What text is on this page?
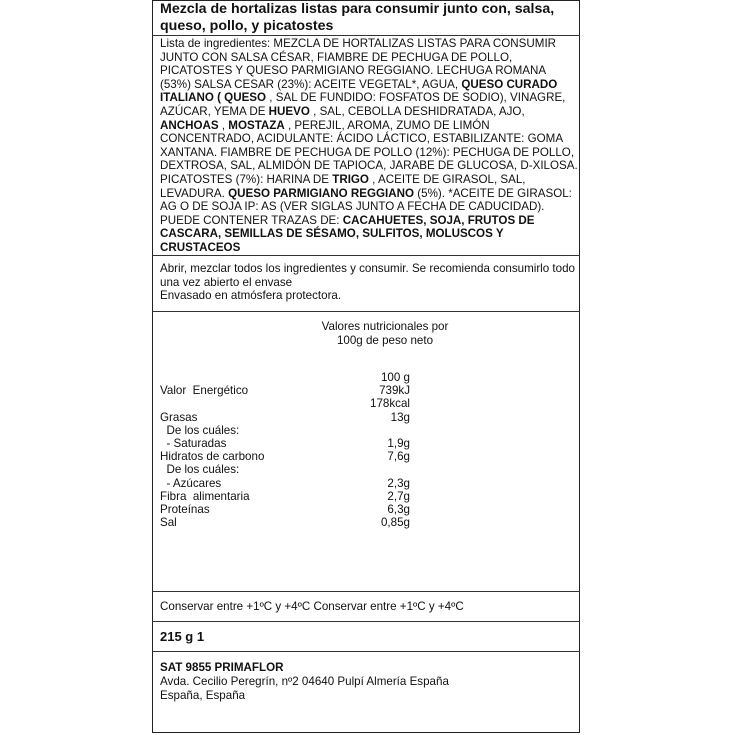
Mezcla de hortalizas listas para consumir junto con, salsa, queso, pollo, y picatostes
Lista de ingredientes: MEZCLA DE HORTALIZAS LISTAS PARA CONSUMIR JUNTO CON SALSA CÉSAR, FIAMBRE DE PECHUGA DE POLLO, PICATOSTES Y QUESO PARMIGIANO REGGIANO. LECHUGA ROMANA (53%) SALSA CESAR (23%): ACEITE VEGETAL*, AGUA, QUESO CURADO ITALIANO ( QUESO , SAL DE FUNDIDO: FOSFATOS DE SODIO), VINAGRE, AZÚCAR, YEMA DE HUEVO , SAL, CEBOLLA DESHIDRATADA, AJO, ANCHOAS , MOSTAZA , PEREJIL, AROMA, ZUMO DE LIMÓN CONCENTRADO, ACIDULANTE: ÁCIDO LÁCTICO, ESTABILIZANTE: GOMA XANTANA. FIAMBRE DE PECHUGA DE POLLO (12%): PECHUGA DE POLLO, DEXTROSA, SAL, ALMIDÓN DE TAPIOCA, JARABE DE GLUCOSA, D-XILOSA. PICATOSTES (7%): HARINA DE TRIGO , ACEITE DE GIRASOL, SAL, LEVADURA. QUESO PARMIGIANO REGGIANO (5%). *ACEITE DE GIRASOL: AG O DE SOJA IP: AS (VER SIGLAS JUNTO A FECHA DE CADUCIDAD). PUEDE CONTENER TRAZAS DE: CACAHUETES, SOJA, FRUTOS DE CASCARA, SEMILLAS DE SÉSAMO, SULFITOS, MOLUSCOS Y CRUSTACEOS
Abrir, mezclar todos los ingredientes y consumir. Se recomienda consumirlo todo una vez abierto el envase
Envasado en atmósfera protectora.
Valores nutricionales por 100g de peso neto
100 g
Valor  Energético	739kJ
178kcal
Grasas	13g
De los cuáles:
- Saturadas	1,9g
Hidratos de carbono	7,6g
De los cuáles:
- Azúcares	2,3g
Fibra  alimentaria	2,7g
Proteínas	6,3g
Sal	0,85g
Conservar entre +1ºC y +4ºC Conservar entre +1ºC y +4ºC
215 g 1
SAT 9855 PRIMAFLOR
Avda. Cecilio Peregrín, nº2 04640 Pulpí Almería España
España, España
